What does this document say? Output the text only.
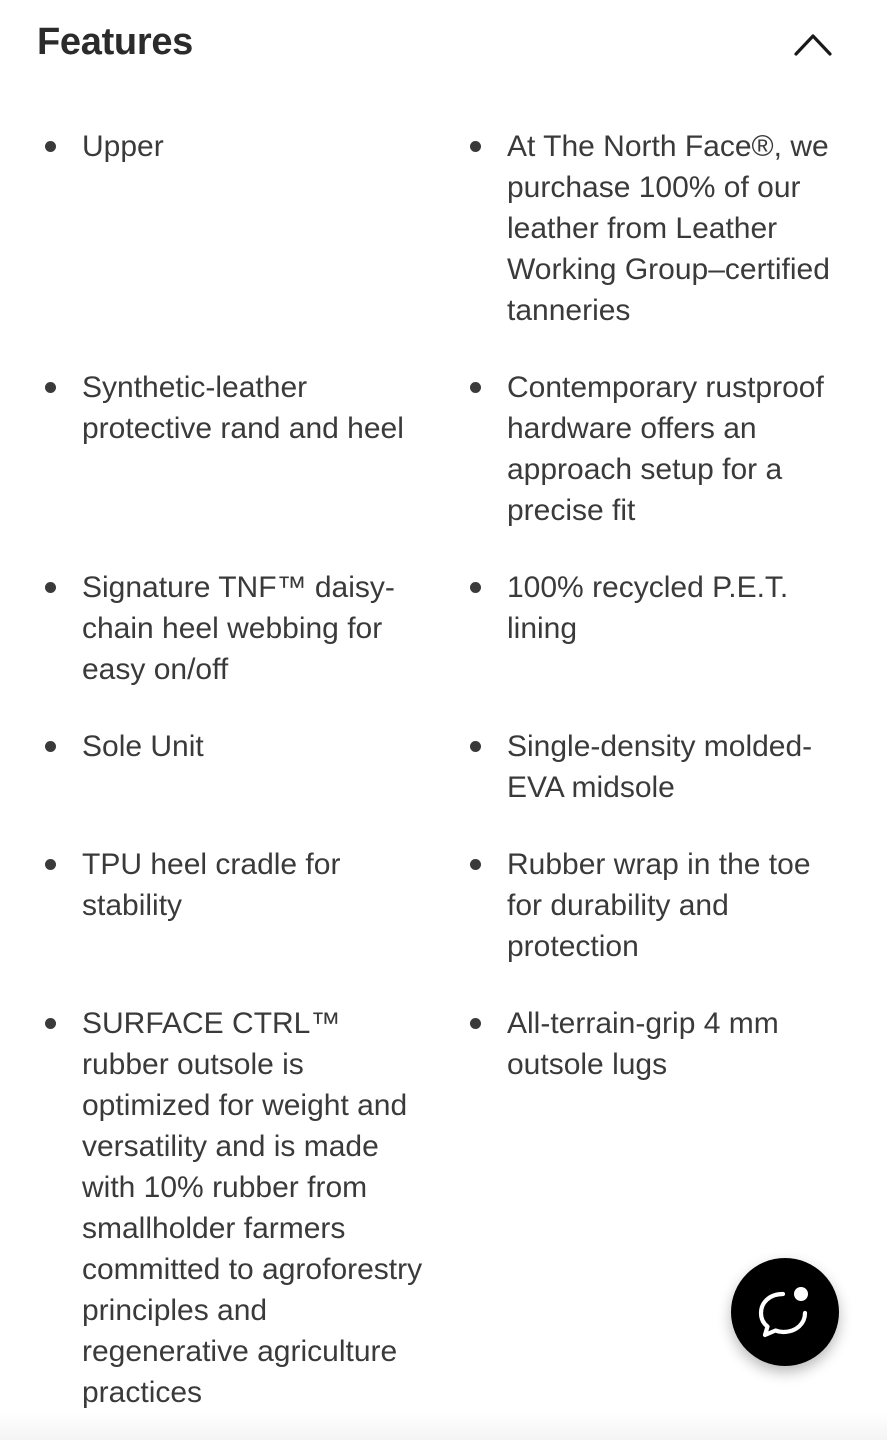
Features
Upper
Synthetic-leather protective rand and heel
Signature TNF™ daisy-chain heel webbing for easy on/off
Sole Unit
TPU heel cradle for stability
SURFACE CTRL™ rubber outsole is optimized for weight and versatility and is made with 10% rubber from smallholder farmers committed to agroforestry principles and regenerative agriculture practices
At The North Face®, we purchase 100% of our leather from Leather Working Group–certified tanneries
Contemporary rustproof hardware offers an approach setup for a precise fit
100% recycled P.E.T. lining
Single-density molded-EVA midsole
Rubber wrap in the toe for durability and protection
All-terrain-grip 4 mm outsole lugs
